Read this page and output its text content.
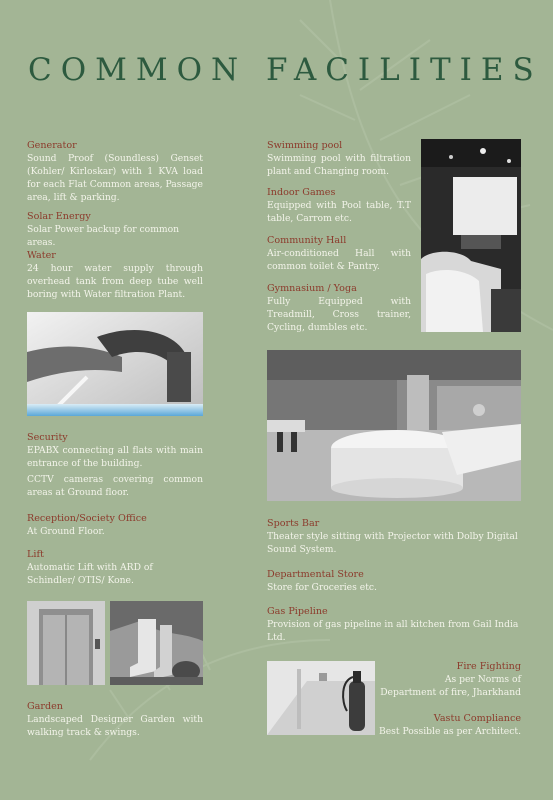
COMMON FACILITIES
Generator
Sound Proof (Soundless) Genset (Kohler/ Kirloskar) with 1 KVA load for each Flat Common areas, Passage area, lift & parking.
Solar Energy
Solar Power backup for common areas.
Water
24 hour water supply through overhead tank from deep tube well boring with Water filtration Plant.
Security
EPABX connecting all flats with main entrance of the building.
CCTV cameras covering common areas at Ground floor.
Reception/Society Office
At Ground Floor.
Lift
Automatic Lift with ARD of Schindler/ OTIS/ Kone.
Garden
Landscaped Designer Garden with walking track & swings.
Swimming pool
Swimming pool with filtration plant and Changing room.
Indoor Games
Equipped with Pool table, T.T table, Carrom etc.
Community Hall
Air-conditioned Hall with common toilet & Pantry.
Gymnasium / Yoga
Fully Equipped with Treadmill, Cross trainer, Cycling, dumbles etc.
Sports Bar
Theater style sitting with Projector with Dolby Digital Sound System.
Departmental Store
Store for Groceries etc.
Gas Pipeline
Provision of gas pipeline in all kitchen from Gail India Ltd.
Fire Fighting
As per Norms of
Department of fire, Jharkhand
Vastu Compliance
Best Possible as per Architect.
